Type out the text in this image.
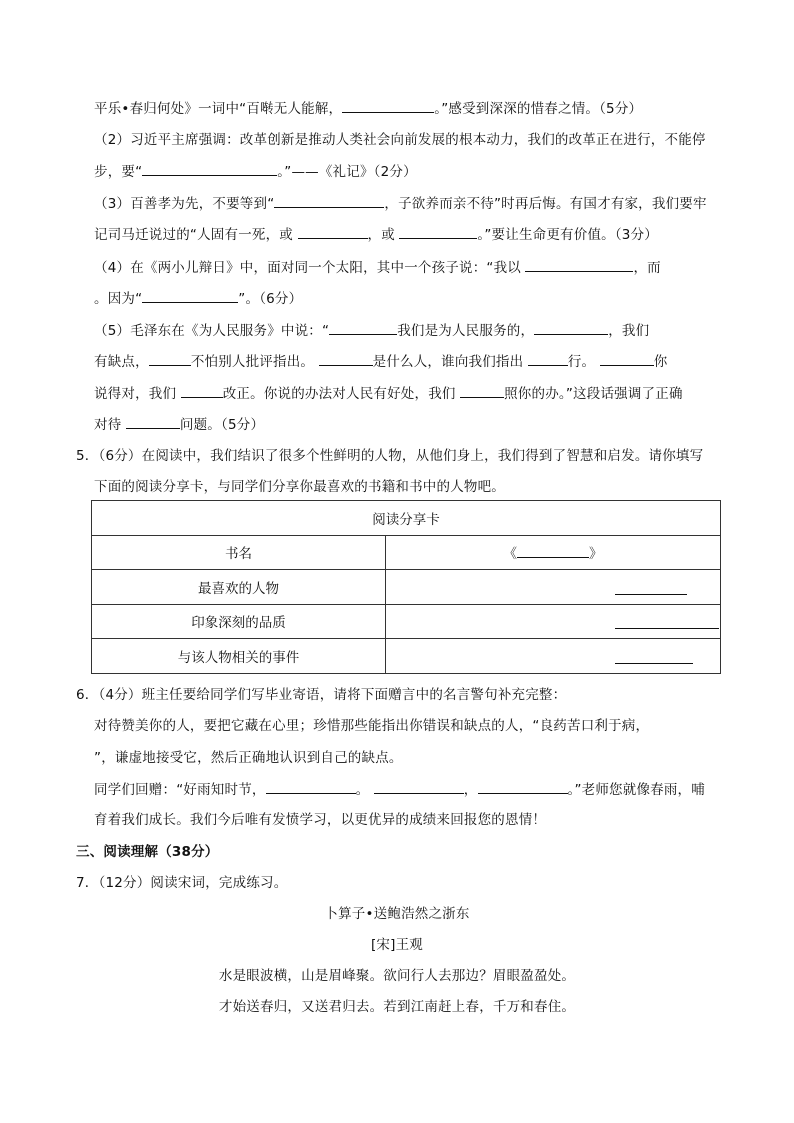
平乐•春归何处》一词中“百啭无人能解，	。”感受到深深的惜春之情。（5分）
（2）习近平主席强调：改革创新是推动人类社会向前发展的根本动力，我们的改革正在进行，不能停
步，要“	。”——《礼记》（2分）
（3）百善孝为先，不要等到“	，子欲养而亲不待”时再后悔。有国才有家，我们要牢
记司马迁说过的“人固有一死，或	，或	。”要让生命更有价值。（3分）
（4）在《两小儿辩日》中，面对同一个太阳，其中一个孩子说：“我以	，而
。因为“	”。（6分）
（5）毛泽东在《为人民服务》中说：“	我们是为人民服务的，	，我们
有缺点，	不怕别人批评指出。	是什么人，谁向我们指出	行。	你
说得对，我们	改正。你说的办法对人民有好处，我们	照你的办。”这段话强调了正确
对待	问题。（5分）
5．（6分）在阅读中，我们结识了很多个性鲜明的人物，从他们身上，我们得到了智慧和启发。请你填写
下面的阅读分享卡，与同学们分享你最喜欢的书籍和书中的人物吧。
阅读分享卡	
书名	《 》
最喜欢的人物	

印象深刻的品质	

与该人物相关的事件	
6．（4分）班主任要给同学们写毕业寄语，请将下面赠言中的名言警句补充完整：
对待赞美你的人，要把它藏在心里；珍惜那些能指出你错误和缺点的人，“良药苦口利于病，
”，谦虚地接受它，然后正确地认识到自己的缺点。
同学们回赠：“好雨知时节，	。	，	。”老师您就像春雨，哺
育着我们成长。我们今后唯有发愤学习，以更优异的成绩来回报您的恩情！
三、阅读理解（38分）
7．（12分）阅读宋词，完成练习。
卜算子•送鲍浩然之浙东
[宋]王观
水是眼波横，山是眉峰聚。欲问行人去那边？眉眼盈盈处。
才始送春归，又送君归去。若到江南赶上春，千万和春住。
